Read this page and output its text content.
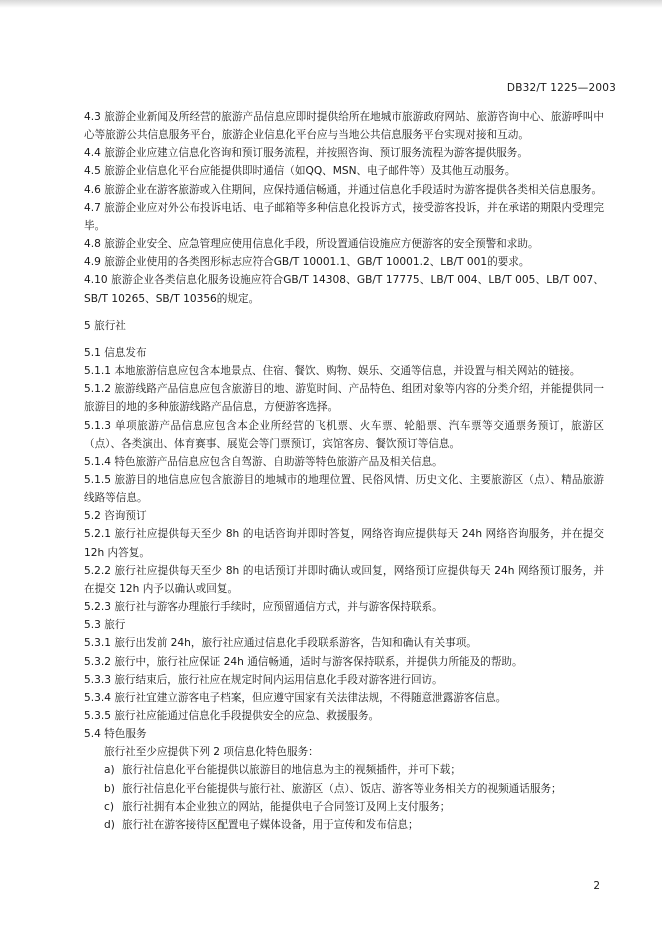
DB32/T 1225—2003

4.3 旅游企业新闻及所经营的旅游产品信息应即时提供给所在地城市旅游政府网站、旅游咨询中心、旅游呼叫中心等旅游公共信息服务平台，旅游企业信息化平台应与当地公共信息服务平台实现对接和互动。

4.4 旅游企业应建立信息化咨询和预订服务流程，并按照咨询、预订服务流程为游客提供服务。

4.5 旅游企业信息化平台应能提供即时通信（如QQ、MSN、电子邮件等）及其他互动服务。

4.6 旅游企业在游客旅游或入住期间，应保持通信畅通，并通过信息化手段适时为游客提供各类相关信息服务。

4.7 旅游企业应对外公布投诉电话、电子邮箱等多种信息化投诉方式，接受游客投诉，并在承诺的期限内受理完毕。

4.8 旅游企业安全、应急管理应使用信息化手段，所设置通信设施应方便游客的安全预警和求助。

4.9 旅游企业使用的各类图形标志应符合GB/T 10001.1、GB/T 10001.2、LB/T 001的要求。

4.10 旅游企业各类信息化服务设施应符合GB/T 14308、GB/T 17775、LB/T 004、LB/T 005、LB/T 007、SB/T 10265、SB/T 10356的规定。

5 旅行社

5.1 信息发布

5.1.1 本地旅游信息应包含本地景点、住宿、餐饮、购物、娱乐、交通等信息，并设置与相关网站的链接。

5.1.2 旅游线路产品信息应包含旅游目的地、游览时间、产品特色、组团对象等内容的分类介绍，并能提供同一旅游目的地的多种旅游线路产品信息，方便游客选择。

5.1.3 单项旅游产品信息应包含本企业所经营的飞机票、火车票、轮船票、汽车票等交通票务预订，旅游区（点）、各类演出、体育赛事、展览会等门票预订，宾馆客房、餐饮预订等信息。

5.1.4 特色旅游产品信息应包含自驾游、自助游等特色旅游产品及相关信息。

5.1.5 旅游目的地信息应包含旅游目的地城市的地理位置、民俗风情、历史文化、主要旅游区（点）、精品旅游线路等信息。

5.2 咨询预订

5.2.1 旅行社应提供每天至少 8h 的电话咨询并即时答复，网络咨询应提供每天 24h 网络咨询服务，并在提交 12h 内答复。

5.2.2 旅行社应提供每天至少 8h 的电话预订并即时确认或回复，网络预订应提供每天 24h 网络预订服务，并在提交 12h 内予以确认或回复。

5.2.3 旅行社与游客办理旅行手续时，应预留通信方式，并与游客保持联系。

5.3 旅行

5.3.1 旅行出发前 24h，旅行社应通过信息化手段联系游客，告知和确认有关事项。

5.3.2 旅行中，旅行社应保证 24h 通信畅通，适时与游客保持联系，并提供力所能及的帮助。

5.3.3 旅行结束后，旅行社应在规定时间内运用信息化手段对游客进行回访。

5.3.4 旅行社宜建立游客电子档案，但应遵守国家有关法律法规，不得随意泄露游客信息。

5.3.5 旅行社应能通过信息化手段提供安全的应急、救援服务。

5.4 特色服务

旅行社至少应提供下列 2 项信息化特色服务：

a) 旅行社信息化平台能提供以旅游目的地信息为主的视频插件，并可下载；

b) 旅行社信息化平台能提供与旅行社、旅游区（点）、饭店、游客等业务相关方的视频通话服务；

c) 旅行社拥有本企业独立的网站，能提供电子合同签订及网上支付服务；

d) 旅行社在游客接待区配置电子媒体设备，用于宣传和发布信息；

2
